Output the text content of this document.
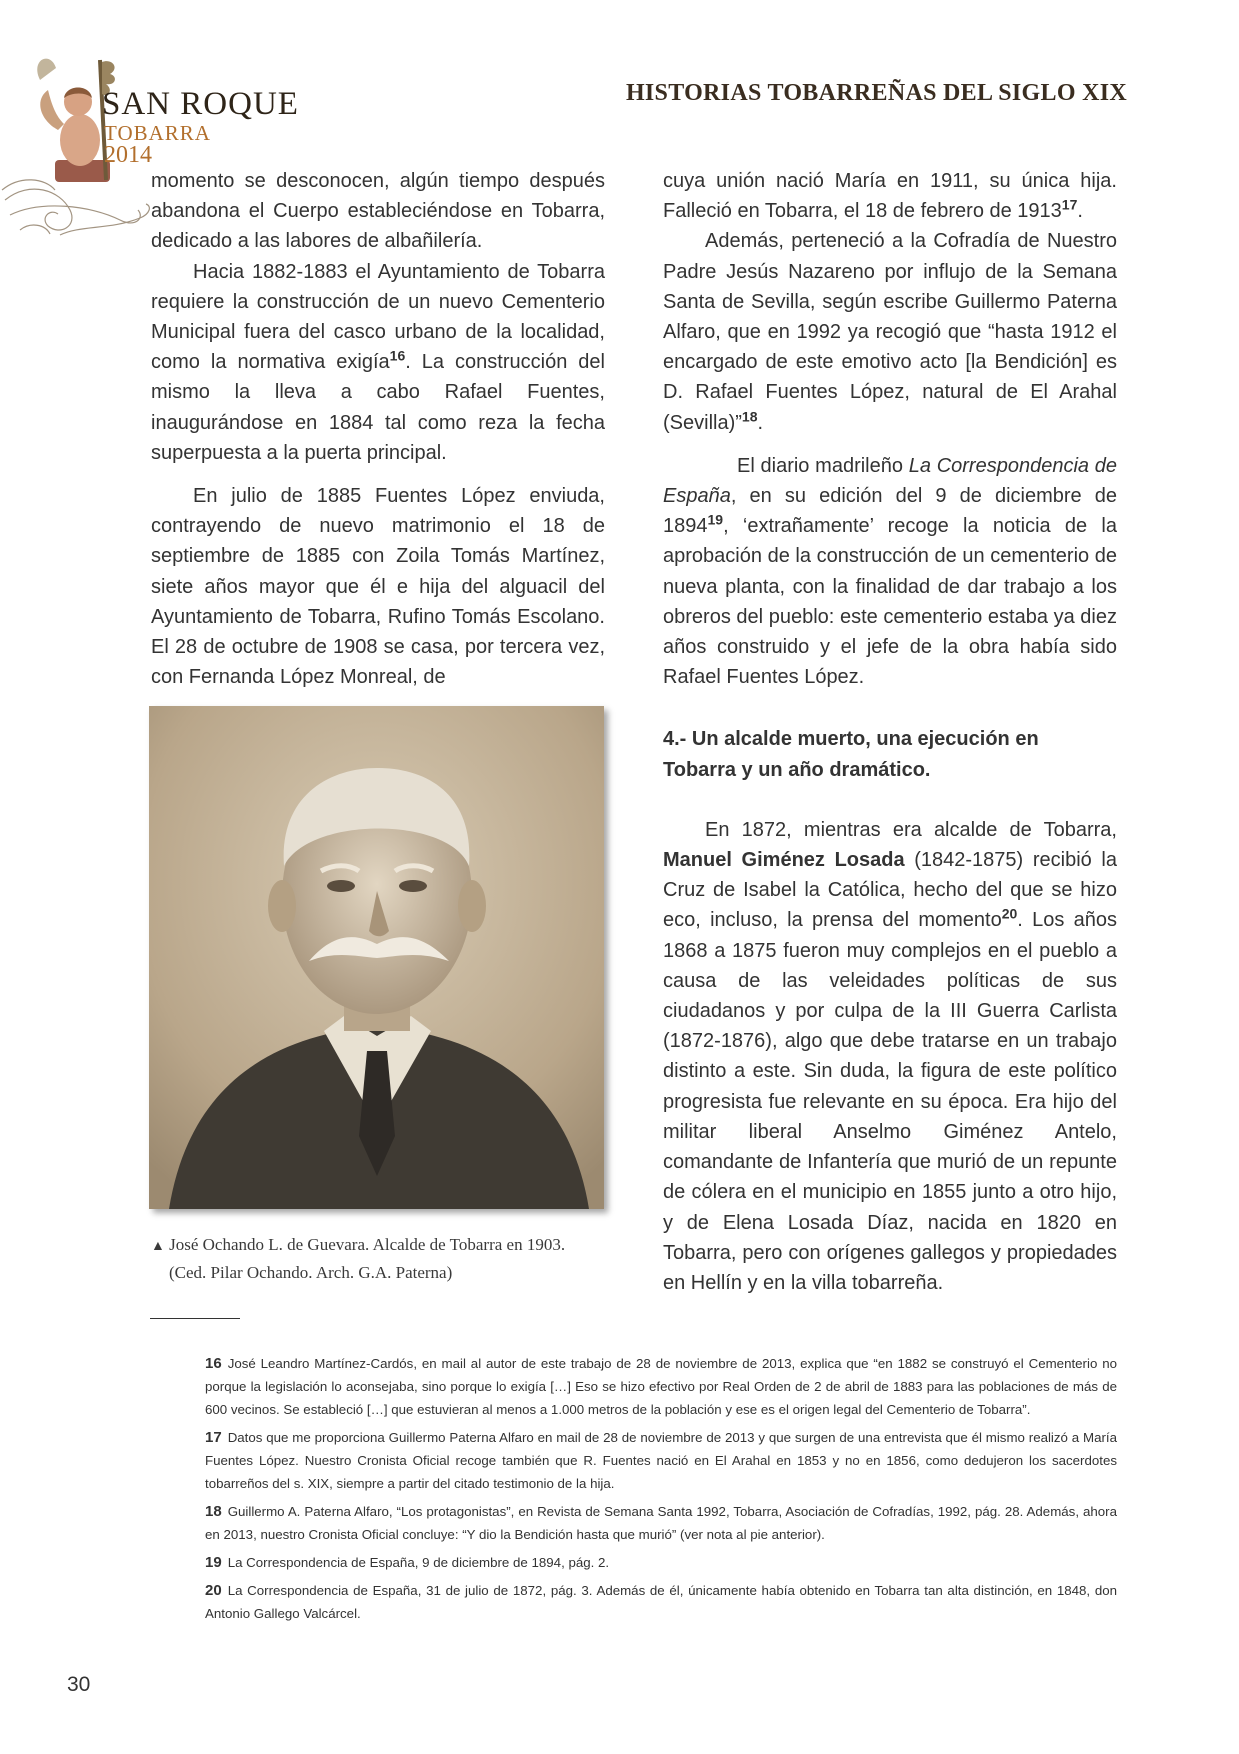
SAN ROQUE
TOBARRA
2014
HISTORIAS TOBARREÑAS DEL SIGLO XIX

momento se desconocen, algún tiempo después abandona el Cuerpo estableciéndose en Tobarra, dedicado a las labores de albañilería.

Hacia 1882-1883 el Ayuntamiento de Tobarra requiere la construcción de un nuevo Cementerio Municipal fuera del casco urbano de la localidad, como la normativa exigía$^{16}$. La construcción del mismo la lleva a cabo Rafael Fuentes, inaugurándose en 1884 tal como reza la fecha superpuesta a la puerta principal.

En julio de 1885 Fuentes López enviuda, contrayendo de nuevo matrimonio el 18 de septiembre de 1885 con Zoila Tomás Martínez, siete años mayor que él e hija del alguacil del Ayuntamiento de Tobarra, Rufino Tomás Escolano. El 28 de octubre de 1908 se casa, por tercera vez, con Fernanda López Monreal, de

▲ José Ochando L. de Guevara. Alcalde de Tobarra en 1903.
(Ced. Pilar Ochando. Arch. G.A. Paterna)

cuya unión nació María en 1911, su única hija. Falleció en Tobarra, el 18 de febrero de 1913$^{17}$.

Además, perteneció a la Cofradía de Nuestro Padre Jesús Nazareno por influjo de la Semana Santa de Sevilla, según escribe Guillermo Paterna Alfaro, que en 1992 ya recogió que “hasta 1912 el encargado de este emotivo acto [la Bendición] es D. Rafael Fuentes López, natural de El Arahal (Sevilla)”$^{18}$.

El diario madrileño La Correspondencia de España, en su edición del 9 de diciembre de 1894$^{19}$, ‘extrañamente’ recoge la noticia de la aprobación de la construcción de un cementerio de nueva planta, con la finalidad de dar trabajo a los obreros del pueblo: este cementerio estaba ya diez años construido y el jefe de la obra había sido Rafael Fuentes López.

4.- Un alcalde muerto, una ejecución en Tobarra y un año dramático.

En 1872, mientras era alcalde de Tobarra, Manuel Giménez Losada (1842-1875) recibió la Cruz de Isabel la Católica, hecho del que se hizo eco, incluso, la prensa del momento$^{20}$. Los años 1868 a 1875 fueron muy complejos en el pueblo a causa de las veleidades políticas de sus ciudadanos y por culpa de la III Guerra Carlista (1872-1876), algo que debe tratarse en un trabajo distinto a este. Sin duda, la figura de este político progresista fue relevante en su época. Era hijo del militar liberal Anselmo Giménez Antelo, comandante de Infantería que murió de un repunte de cólera en el municipio en 1855 junto a otro hijo, y de Elena Losada Díaz, nacida en 1820 en Tobarra, pero con orígenes gallegos y propiedades en Hellín y en la villa tobarreña.

16 José Leandro Martínez-Cardós, en mail al autor de este trabajo de 28 de noviembre de 2013, explica que “en 1882 se construyó el Cementerio no porque la legislación lo aconsejaba, sino porque lo exigía […] Eso se hizo efectivo por Real Orden de 2 de abril de 1883 para las poblaciones de más de 600 vecinos. Se estableció […] que estuvieran al menos a 1.000 metros de la población y ese es el origen legal del Cementerio de Tobarra”.

17 Datos que me proporciona Guillermo Paterna Alfaro en mail de 28 de noviembre de 2013 y que surgen de una entrevista que él mismo realizó a María Fuentes López. Nuestro Cronista Oficial recoge también que R. Fuentes nació en El Arahal en 1853 y no en 1856, como dedujeron los sacerdotes tobarreños del s. XIX, siempre a partir del citado testimonio de la hija.

18 Guillermo A. Paterna Alfaro, “Los protagonistas”, en Revista de Semana Santa 1992, Tobarra, Asociación de Cofradías, 1992, pág. 28. Además, ahora en 2013, nuestro Cronista Oficial concluye: “Y dio la Bendición hasta que murió” (ver nota al pie anterior).

19 La Correspondencia de España, 9 de diciembre de 1894, pág. 2.

20 La Correspondencia de España, 31 de julio de 1872, pág. 3. Además de él, únicamente había obtenido en Tobarra tan alta distinción, en 1848, don Antonio Gallego Valcárcel.

30
